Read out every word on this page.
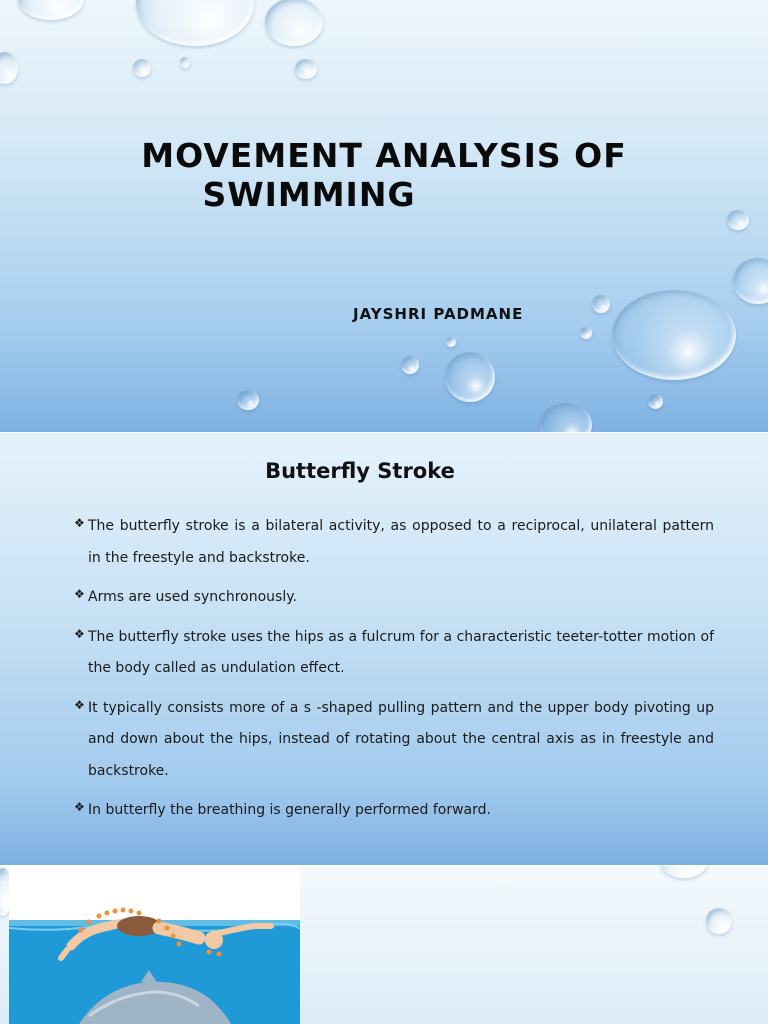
MOVEMENT ANALYSIS OF
SWIMMING
JAYSHRI PADMANE
Butterfly Stroke
❖ The butterfly stroke is a bilateral activity, as opposed to a reciprocal, unilateral pattern in the freestyle and backstroke.
❖ Arms are used synchronously.
❖ The butterfly stroke uses the hips as a fulcrum for a characteristic teeter-totter motion of the body called as undulation effect.
❖ It typically consists more of a s -shaped pulling pattern and the upper body pivoting up and down about the hips, instead of rotating about the central axis as in freestyle and backstroke.
❖ In butterfly the breathing is generally performed forward.
